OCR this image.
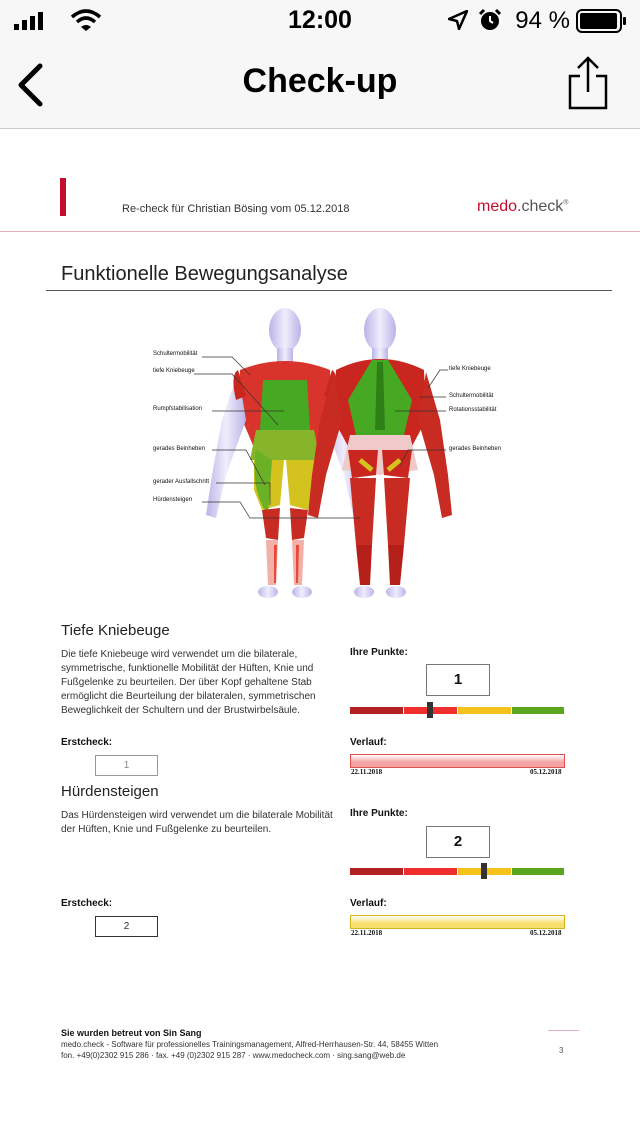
12:00	94 %
Check-up
Re-check für Christian Bösing vom 05.12.2018	medo.check®
Funktionelle Bewegungsanalyse
Schultermobilität
tiefe Kniebeuge
Rumpfstabilisation
gerades Beinheben
gerader Ausfallschritt
Hürdensteigen
tiefe Kniebeuge
Schultermobilität
Rotationsstabilität
gerades Beinheben
Tiefe Kniebeuge
Die tiefe Kniebeuge wird verwendet um die bilaterale, symmetrische, funktionelle Mobilität der Hüften, Knie und Fußgelenke zu beurteilen. Der über Kopf gehaltene Stab ermöglicht die Beurteilung der bilateralen, symmetrischen Beweglichkeit der Schultern und der Brustwirbelsäule.
Ihre Punkte:
1
Erstcheck:
1
Verlauf:
22.11.2018	05.12.2018
Hürdensteigen
Das Hürdensteigen wird verwendet um die bilaterale Mobilität der Hüften, Knie und Fußgelenke zu beurteilen.
Ihre Punkte:
2
Erstcheck:
2
Verlauf:
22.11.2018	05.12.2018
Sie wurden betreut von Sin Sang
medo.check - Software für professionelles Trainingsmanagement, Alfred-Herrhausen-Str. 44, 58455 Witten
fon. +49(0)2302 915 286 · fax. +49 (0)2302 915 287 · www.medocheck.com · sing.sang@web.de
3
